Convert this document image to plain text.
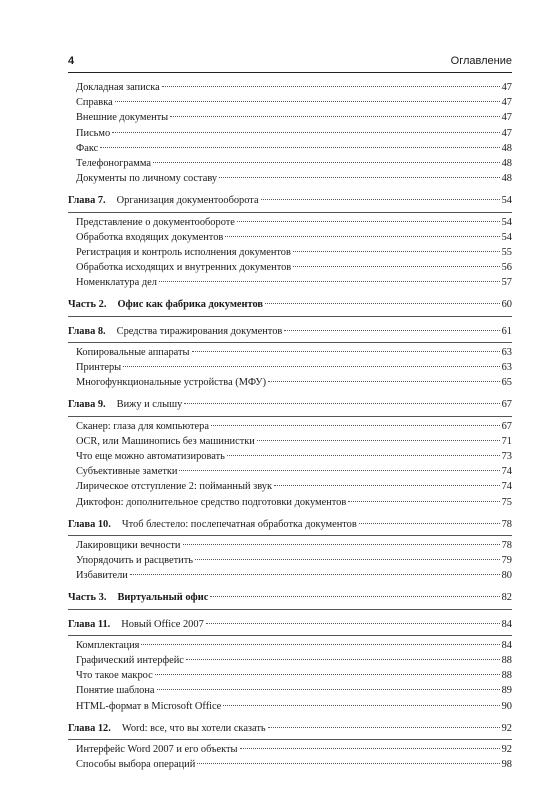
4	Оглавление
Докладная записка	47
Справка	47
Внешние документы	47
Письмо	47
Факс	48
Телефонограмма	48
Документы по личному составу	48
Глава 7. Организация документооборота	54
Представление о документообороте	54
Обработка входящих документов	54
Регистрация и контроль исполнения документов	55
Обработка исходящих и внутренних документов	56
Номенклатура дел	57
Часть 2. Офис как фабрика документов	60
Глава 8. Средства тиражирования документов	61
Копировальные аппараты	63
Принтеры	63
Многофункциональные устройства (МФУ)	65
Глава 9. Вижу и слышу	67
Сканер: глаза для компьютера	67
OCR, или Машинопись без машинистки	71
Что еще можно автоматизировать	73
Субъективные заметки	74
Лирическое отступление 2: пойманный звук	74
Диктофон: дополнительное средство подготовки документов	75
Глава 10. Чтоб блестело: послепечатная обработка документов	78
Лакировщики вечности	78
Упорядочить и расцветить	79
Избавители	80
Часть 3. Виртуальный офис	82
Глава 11. Новый Office 2007	84
Комплектация	84
Графический интерфейс	88
Что такое макрос	88
Понятие шаблона	89
HTML-формат в Microsoft Office	90
Глава 12. Word: все, что вы хотели сказать	92
Интерфейс Word 2007 и его объекты	92
Способы выбора операций	98
